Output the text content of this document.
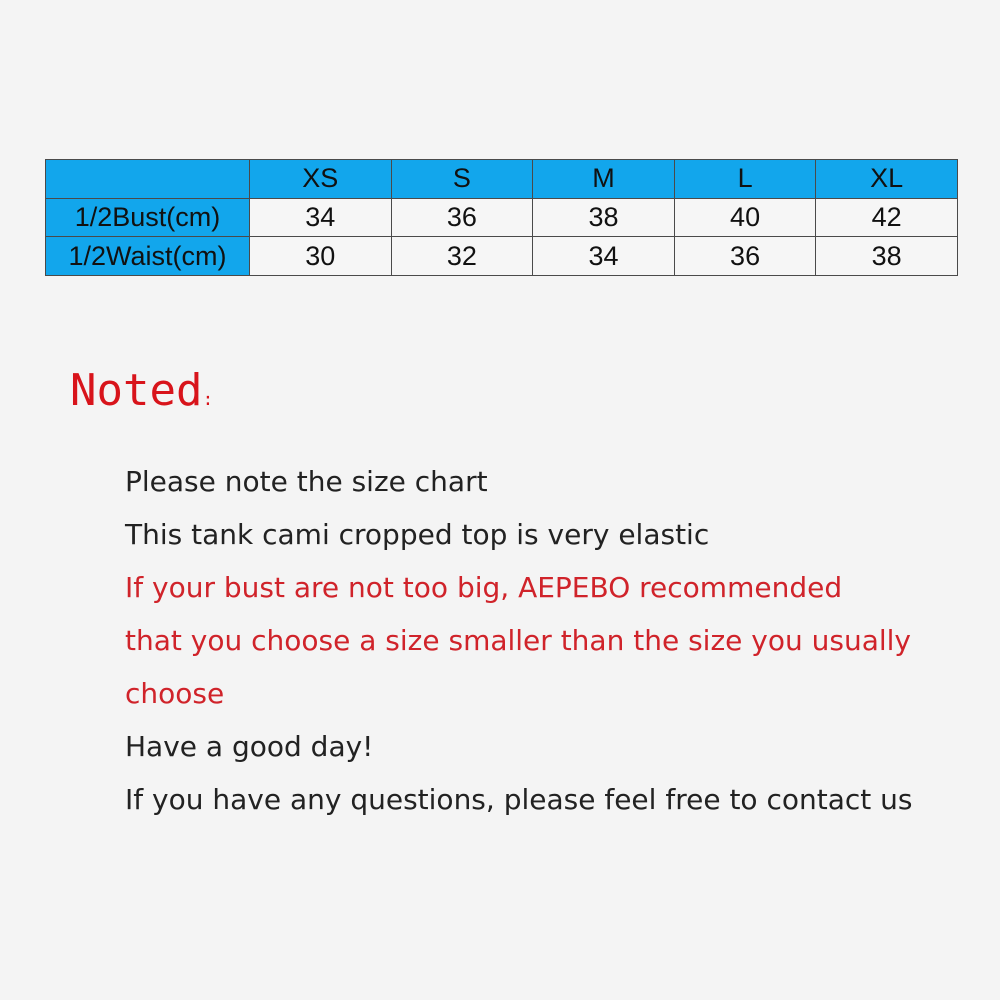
	XS	S	M	L	XL
1/2Bust(cm)	34	36	38	40	42
1/2Waist(cm)	30	32	34	36	38
Noted:
Please note the size chart
This tank cami cropped top is very elastic
If your bust are not too big, AEPEBO recommended
that you choose a size smaller than the size you usually
choose
Have a good day!
If you have any questions, please feel free to contact us
